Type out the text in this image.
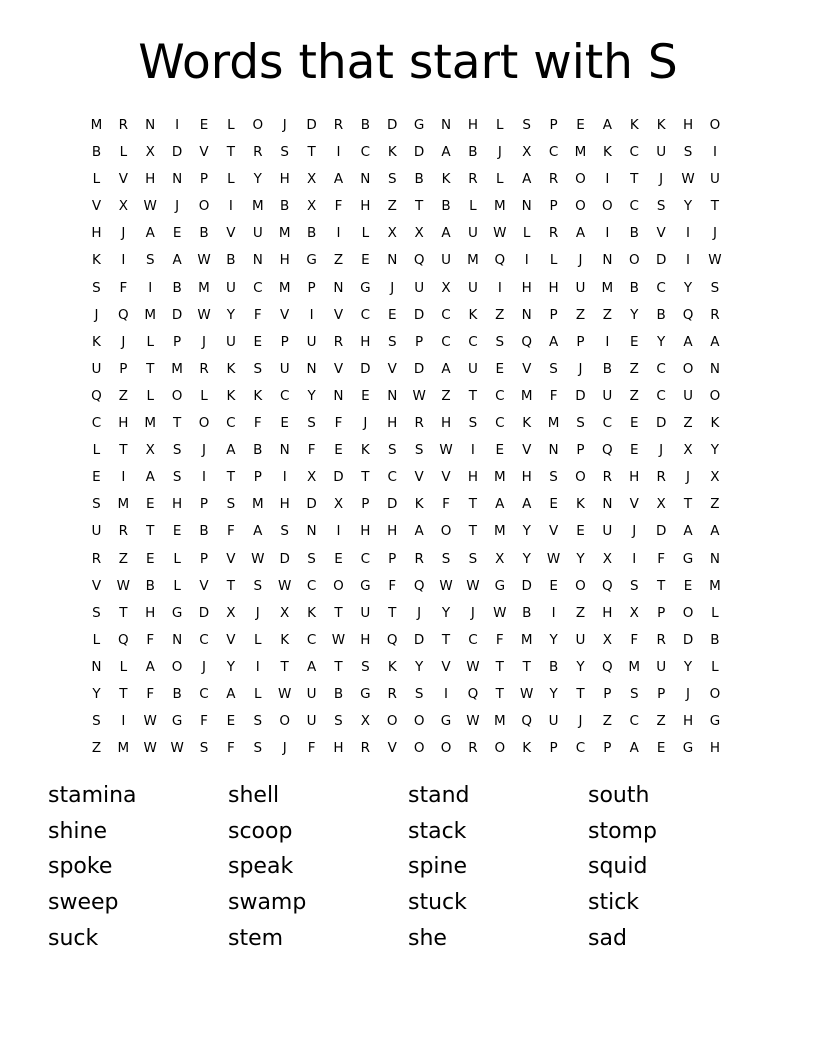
Words that start with S
M	R	N	I	E	L	O	J	D	R	B	D	G	N	H	L	S	P	E	A	K	K	H	O
B	L	X	D	V	T	R	S	T	I	C	K	D	A	B	J	X	C	M	K	C	U	S	I
L	V	H	N	P	L	Y	H	X	A	N	S	B	K	R	L	A	R	O	I	T	J	W	U
V	X	W	J	O	I	M	B	X	F	H	Z	T	B	L	M	N	P	O	O	C	S	Y	T
H	J	A	E	B	V	U	M	B	I	L	X	X	A	U	W	L	R	A	I	B	V	I	J
K	I	S	A	W	B	N	H	G	Z	E	N	Q	U	M	Q	I	L	J	N	O	D	I	W
S	F	I	B	M	U	C	M	P	N	G	J	U	X	U	I	H	H	U	M	B	C	Y	S
J	Q	M	D	W	Y	F	V	I	V	C	E	D	C	K	Z	N	P	Z	Z	Y	B	Q	R
K	J	L	P	J	U	E	P	U	R	H	S	P	C	C	S	Q	A	P	I	E	Y	A	A
U	P	T	M	R	K	S	U	N	V	D	V	D	A	U	E	V	S	J	B	Z	C	O	N
Q	Z	L	O	L	K	K	C	Y	N	E	N	W	Z	T	C	M	F	D	U	Z	C	U	O
C	H	M	T	O	C	F	E	S	F	J	H	R	H	S	C	K	M	S	C	E	D	Z	K
L	T	X	S	J	A	B	N	F	E	K	S	S	W	I	E	V	N	P	Q	E	J	X	Y
E	I	A	S	I	T	P	I	X	D	T	C	V	V	H	M	H	S	O	R	H	R	J	X
S	M	E	H	P	S	M	H	D	X	P	D	K	F	T	A	A	E	K	N	V	X	T	Z
U	R	T	E	B	F	A	S	N	I	H	H	A	O	T	M	Y	V	E	U	J	D	A	A
R	Z	E	L	P	V	W	D	S	E	C	P	R	S	S	X	Y	W	Y	X	I	F	G	N
V	W	B	L	V	T	S	W	C	O	G	F	Q	W	W	G	D	E	O	Q	S	T	E	M
S	T	H	G	D	X	J	X	K	T	U	T	J	Y	J	W	B	I	Z	H	X	P	O	L
L	Q	F	N	C	V	L	K	C	W	H	Q	D	T	C	F	M	Y	U	X	F	R	D	B
N	L	A	O	J	Y	I	T	A	T	S	K	Y	V	W	T	T	B	Y	Q	M	U	Y	L
Y	T	F	B	C	A	L	W	U	B	G	R	S	I	Q	T	W	Y	T	P	S	P	J	O
S	I	W	G	F	E	S	O	U	S	X	O	O	G	W	M	Q	U	J	Z	C	Z	H	G
Z	M	W	W	S	F	S	J	F	H	R	V	O	O	R	O	K	P	C	P	A	E	G	H
stamina	shell	stand	south
shine	scoop	stack	stomp
spoke	speak	spine	squid
sweep	swamp	stuck	stick
suck	stem	she	sad
